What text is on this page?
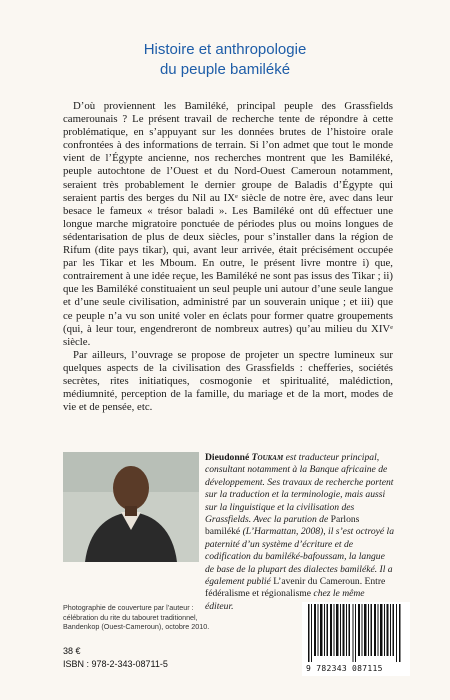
Histoire et anthropologie
du peuple bamiléké

D’où proviennent les Bamiléké, principal peuple des Grassfields camerounais ? Le présent travail de recherche tente de répondre à cette problématique, en s’appuyant sur les données brutes de l’histoire orale confrontées à des informations de terrain. Si l’on admet que tout le monde vient de l’Égypte ancienne, nos recherches montrent que les Bamiléké, peuple autochtone de l’Ouest et du Nord-Ouest Cameroun notamment, seraient très probablement le dernier groupe de Baladis d’Égypte qui seraient partis des berges du Nil au IXᵉ siècle de notre ère, avec dans leur besace le fameux « trésor baladi ». Les Bamiléké ont dû effectuer une longue marche migratoire ponctuée de périodes plus ou moins longues de sédentarisation de plus de deux siècles, pour s’installer dans la région de Rifum (dite pays tikar), qui, avant leur arrivée, était précisément occupée par les Tikar et les Mboum. En outre, le présent livre montre i) que, contrairement à une idée reçue, les Bamiléké ne sont pas issus des Tikar ; ii) que les Bamiléké constituaient un seul peuple uni autour d’une seule langue et d’une seule civilisation, administré par un souverain unique ; et iii) que ce peuple n’a vu son unité voler en éclats pour former quatre groupements (qui, à leur tour, engendreront de nombreux autres) qu’au milieu du XIVᵉ siècle.

Par ailleurs, l’ouvrage se propose de projeter un spectre lumineux sur quelques aspects de la civilisation des Grassfields : chefferies, sociétés secrètes, rites initiatiques, cosmogonie et spiritualité, malédiction, médiumnité, perception de la famille, du mariage et de la mort, modes de vie et de pensée, etc.

Dieudonné Toukam est traducteur principal, consultant notamment à la Banque africaine de développement. Ses travaux de recherche portent sur la traduction et la terminologie, mais aussi sur la linguistique et la civilisation des Grassfields. Avec la parution de Parlons bamiléké (L’Harmattan, 2008), il s’est octroyé la paternité d’un système d’écriture et de codification du bamiléké-bafoussam, la langue de base de la plupart des dialectes bamiléké. Il a également publié L’avenir du Cameroun. Entre fédéralisme et régionalisme chez le même éditeur.
Photographie de couverture par l’auteur :
célébration du rite du tabouret traditionnel,
Bandenkop (Ouest-Cameroun), octobre 2010.
38 €
ISBN : 978-2-343-08711-5	9 782343 087115
